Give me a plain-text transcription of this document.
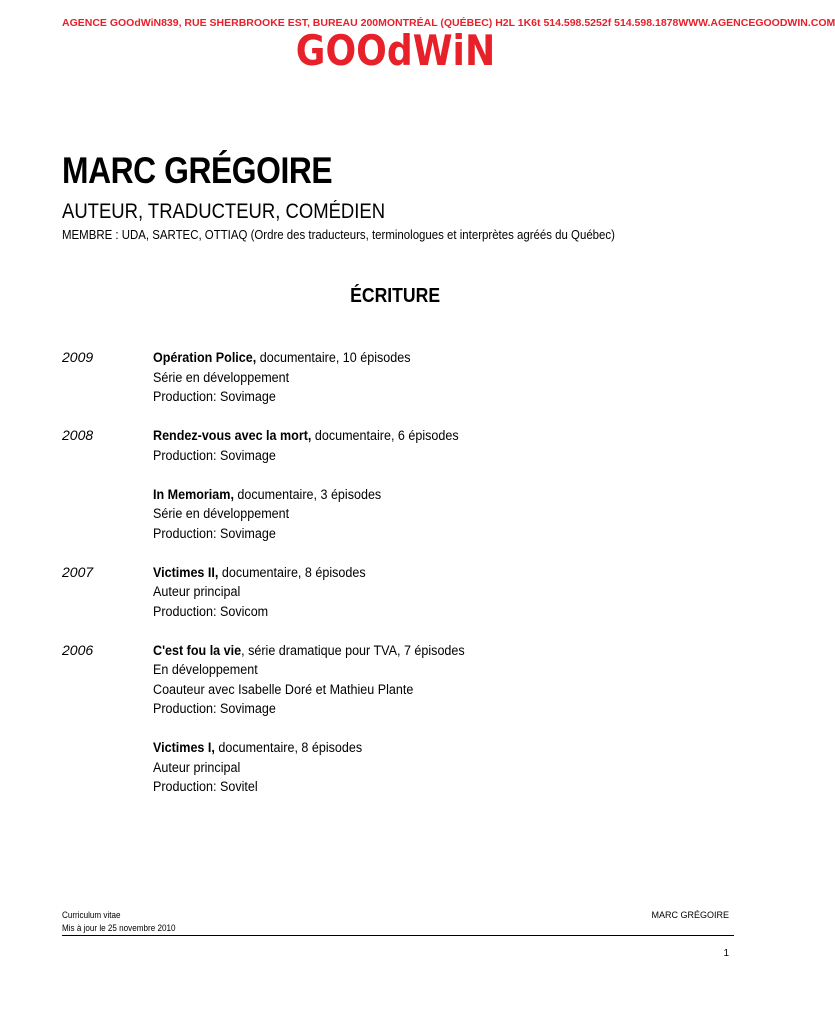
AGENCE GOOdWiN 839, RUE SHERBROOKE EST, BUREAU 200 MONTRÉAL (QUÉBEC) H2L 1K6 t 514.598.5252 f 514.598.1878 WWW.AGENCEGOODWIN.COM
GOOdWiN
MARC GRÉGOIRE
AUTEUR, TRADUCTEUR, COMÉDIEN
MEMBRE : UDA, SARTEC, OTTIAQ (Ordre des traducteurs, terminologues et interprètes agréés du Québec)
ÉCRITURE
2009	Opération Police, documentaire, 10 épisodes
Série en développement
Production: Sovimage
2008	Rendez-vous avec la mort, documentaire, 6 épisodes
Production: Sovimage
In Memoriam, documentaire, 3 épisodes
Série en développement
Production: Sovimage
2007	Victimes II, documentaire, 8 épisodes
Auteur principal
Production: Sovicom
2006	C'est fou la vie, série dramatique pour TVA, 7 épisodes
En développement
Coauteur avec Isabelle Doré et Mathieu Plante
Production: Sovimage
Victimes I, documentaire, 8 épisodes
Auteur principal
Production: Sovitel
Curriculum vitae
Mis à jour le 25 novembre 2010
MARC GRÉGOIRE
1
